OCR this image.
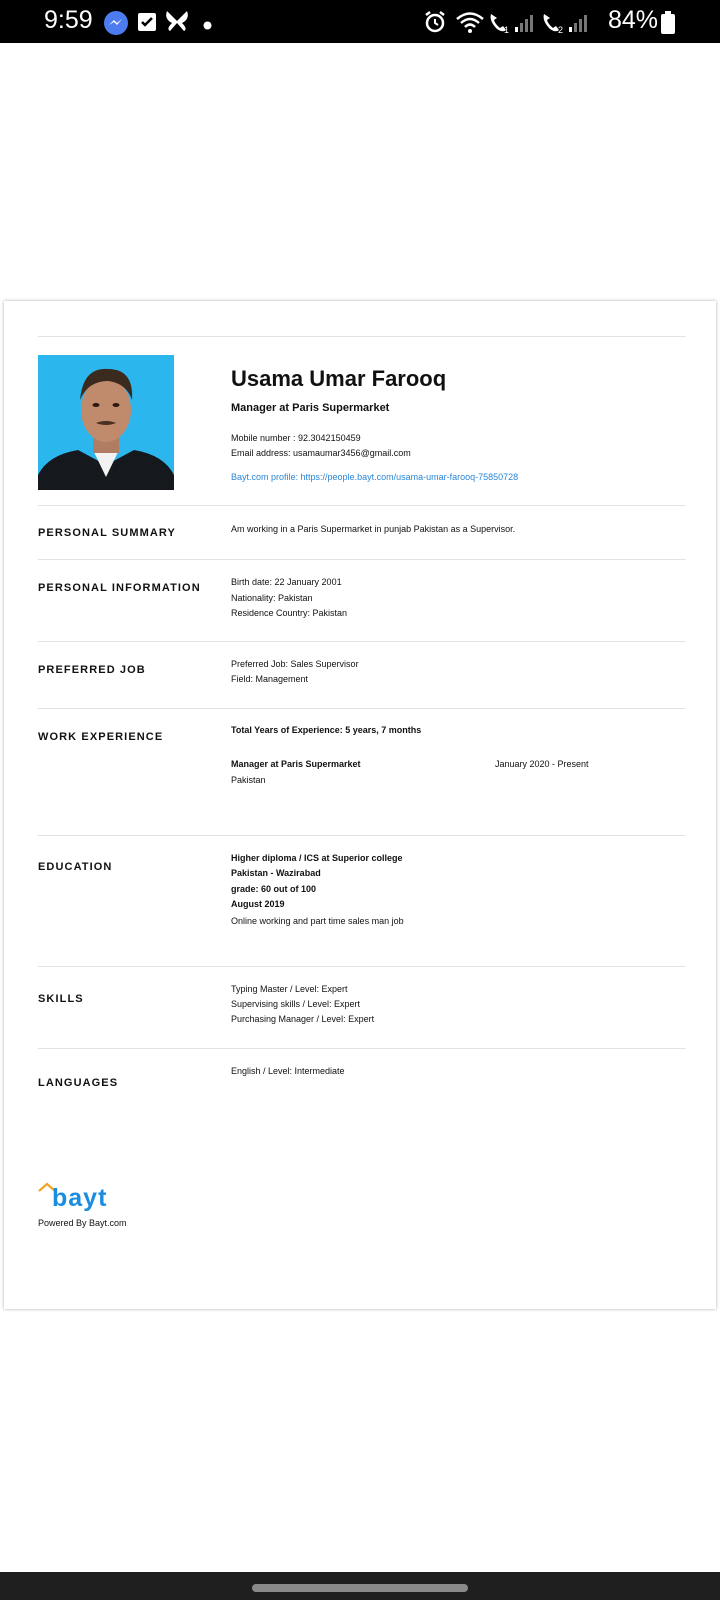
9:59	1	2 84%
Usama Umar Farooq
Manager at Paris Supermarket
Mobile number : 92.3042150459
Email address: usamaumar3456@gmail.com
Bayt.com profile: https://people.bayt.com/usama-umar-farooq-75850728
PERSONAL SUMMARY	Am working in a Paris Supermarket in punjab Pakistan as a Supervisor.
PERSONAL INFORMATION	Birth date: 22 January 2001
Nationality: Pakistan
Residence Country: Pakistan
PREFERRED JOB	Preferred Job: Sales Supervisor
Field: Management
WORK EXPERIENCE
Total Years of Experience: 5 years, 7 months
Manager at Paris Supermarket	January 2020 - Present
Pakistan
EDUCATION
Higher diploma / ICS at Superior college
Pakistan - Wazirabad
grade: 60 out of 100
August 2019
Online working and part time sales man job
SKILLS
Typing Master / Level: Expert
Supervising skills / Level: Expert
Purchasing Manager / Level: Expert
LANGUAGES
English / Level: Intermediate
bayt
Powered By Bayt.com
